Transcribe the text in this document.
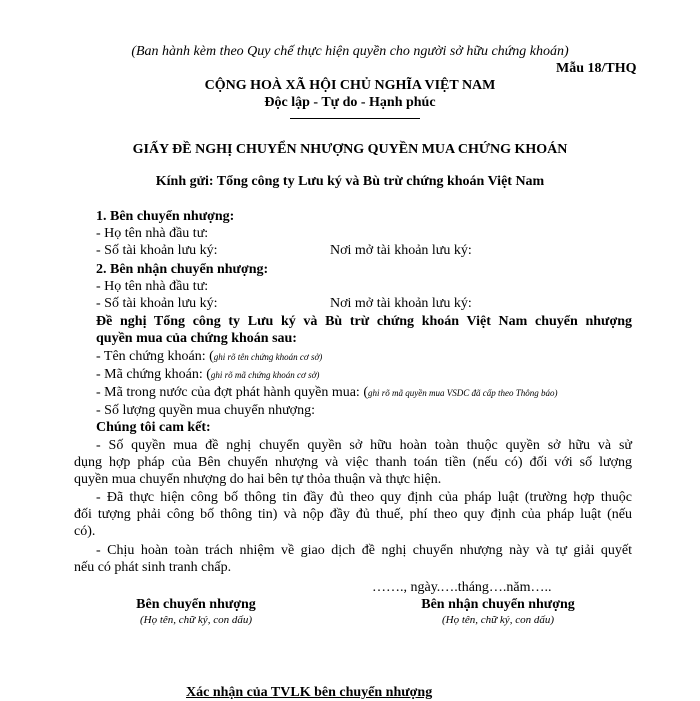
(Ban hành kèm theo Quy chế thực hiện quyền cho người sở hữu chứng khoán)
Mẫu 18/THQ
CỘNG HOÀ XÃ HỘI CHỦ NGHĨA VIỆT NAM
Độc lập - Tự do - Hạnh phúc
GIẤY ĐỀ NGHỊ CHUYỂN NHƯỢNG QUYỀN MUA CHỨNG KHOÁN
Kính gửi: Tổng công ty Lưu ký và Bù trừ chứng khoán Việt Nam
1. Bên chuyển nhượng:
- Họ tên nhà đầu tư:
- Số tài khoản lưu ký:	Nơi mở tài khoản lưu ký:
2. Bên nhận chuyển nhượng:
- Họ tên nhà đầu tư:
- Số tài khoản lưu ký:	Nơi mở tài khoản lưu ký:
Đề nghị Tổng công ty Lưu ký và Bù trừ chứng khoán Việt Nam chuyển nhượng
quyền mua của chứng khoán sau:
- Tên chứng khoán: (ghi rõ tên chứng khoán cơ sở)
- Mã chứng khoán: (ghi rõ mã chứng khoán cơ sở)
- Mã trong nước của đợt phát hành quyền mua: (ghi rõ mã quyền mua VSDC đã cấp theo Thông báo)
- Số lượng quyền mua chuyển nhượng:
Chúng tôi cam kết:
- Số quyền mua đề nghị chuyển quyền sở hữu hoàn toàn thuộc quyền sở hữu và sử
dụng hợp pháp của Bên chuyển nhượng và việc thanh toán tiền (nếu có) đối với số lượng
quyền mua chuyển nhượng do hai bên tự thỏa thuận và thực hiện.
- Đã thực hiện công bố thông tin đầy đủ theo quy định của pháp luật (trường hợp thuộc
đối tượng phải công bố thông tin) và nộp đầy đủ thuế, phí theo quy định của pháp luật (nếu
có).
- Chịu hoàn toàn trách nhiệm về giao dịch đề nghị chuyển nhượng này và tự giải quyết
nếu có phát sinh tranh chấp.
……., ngày.….tháng….năm…..
Bên chuyển nhượng
(Họ tên, chữ ký, con dấu)
Bên nhận chuyển nhượng
(Họ tên, chữ ký, con dấu)
Xác nhận của TVLK bên chuyển nhượng
